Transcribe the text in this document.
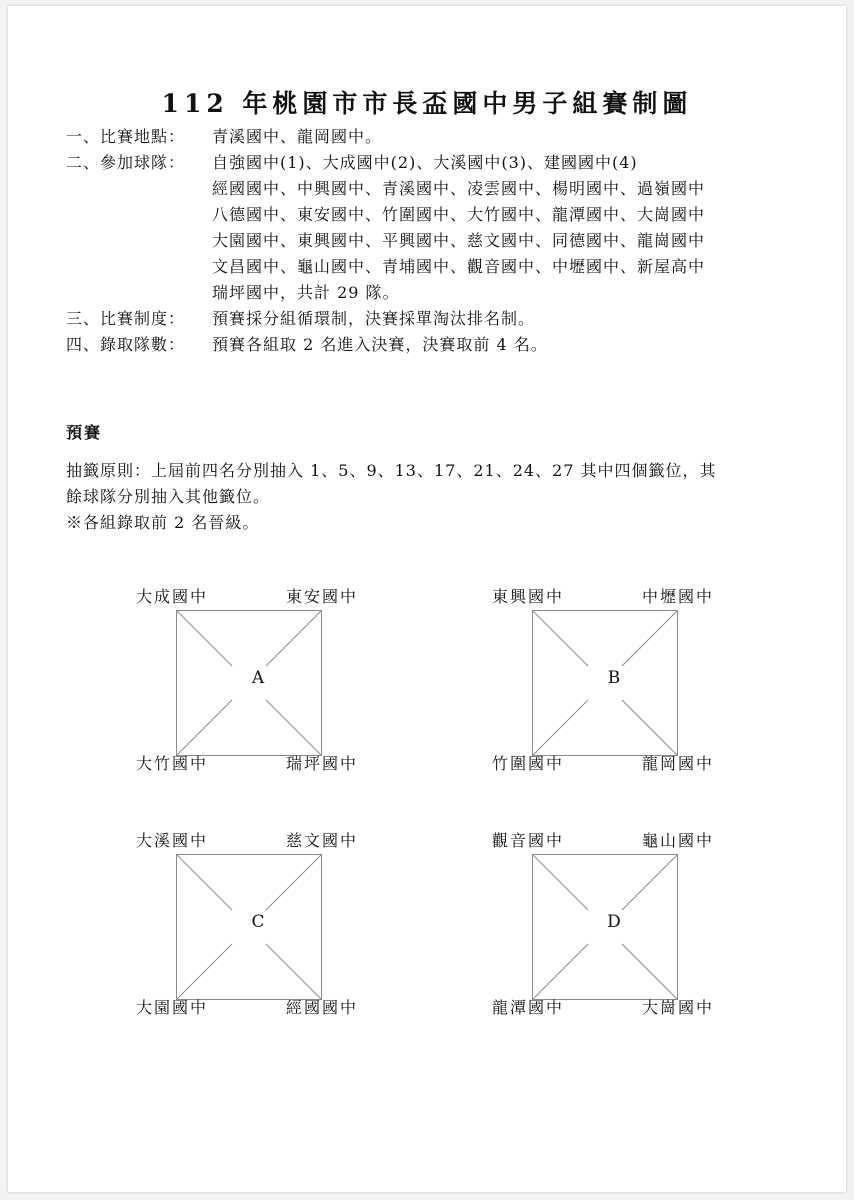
112 年桃園市市長盃國中男子組賽制圖
一、比賽地點：	青溪國中、龍岡國中。
二、參加球隊：	自強國中(1)、大成國中(2)、大溪國中(3)、建國國中(4)
經國國中、中興國中、青溪國中、凌雲國中、楊明國中、過嶺國中
八德國中、東安國中、竹圍國中、大竹國中、龍潭國中、大崗國中
大園國中、東興國中、平興國中、慈文國中、同德國中、龍崗國中
文昌國中、龜山國中、青埔國中、觀音國中、中壢國中、新屋高中
瑞坪國中，共計 29 隊。
三、比賽制度：	預賽採分組循環制，決賽採單淘汰排名制。
四、錄取隊數：	預賽各組取 2 名進入決賽，決賽取前 4 名。
預賽
抽籤原則：上屆前四名分別抽入 1、5、9、13、17、21、24、27 其中四個籤位，其
餘球隊分別抽入其他籤位。
※各組錄取前 2 名晉級。
大成國中	東安國中
A
大竹國中	瑞坪國中
東興國中	中壢國中
B
竹圍國中	龍岡國中
大溪國中	慈文國中
C
大園國中	經國國中
觀音國中	龜山國中
D
龍潭國中	大崗國中
